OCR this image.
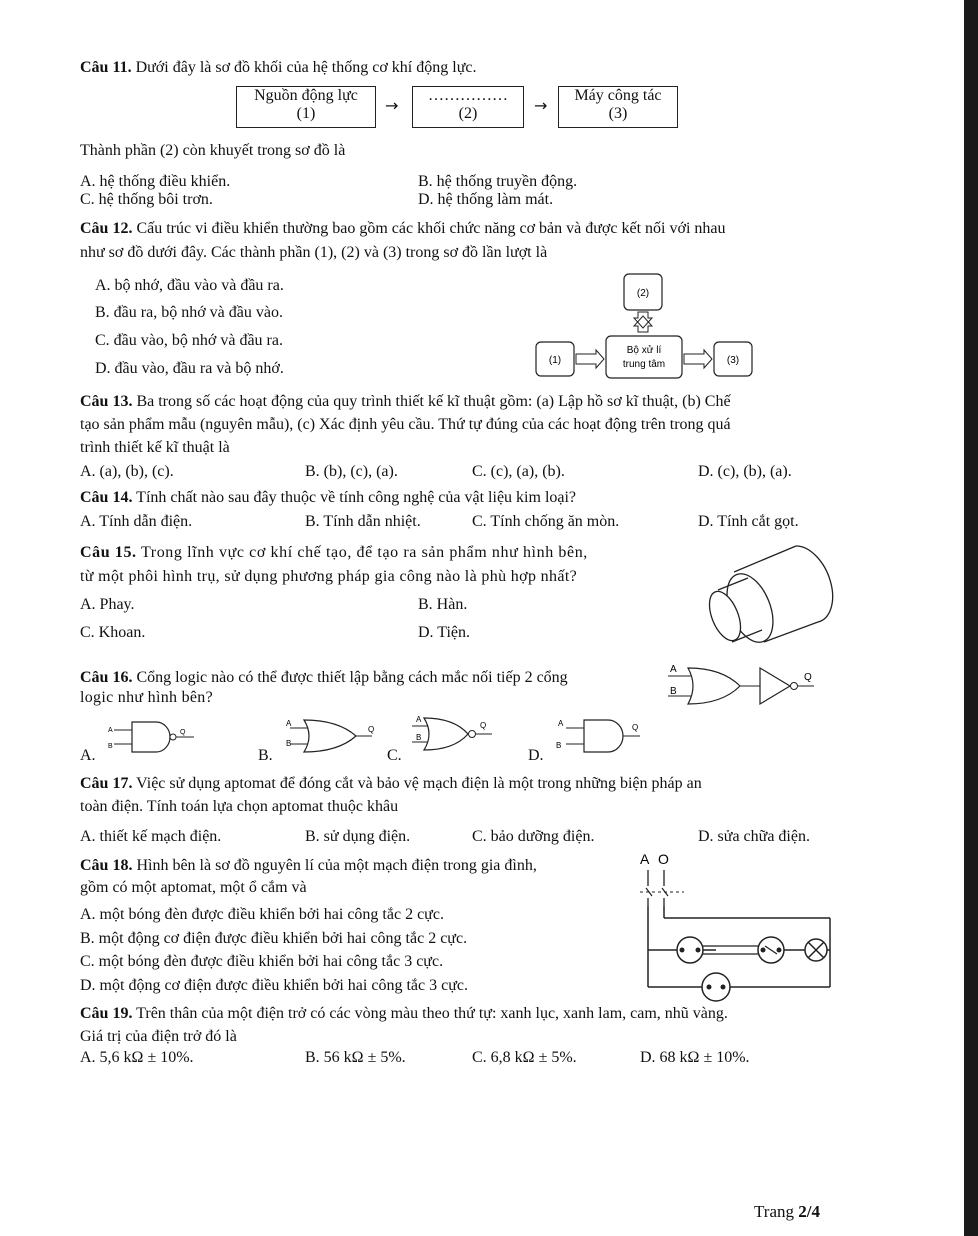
Câu 11. Dưới đây là sơ đồ khối của hệ thống cơ khí động lực.
Nguồn động lực
(1)	→
……………
(2)	→
Máy công tác
(3)
Thành phần (2) còn khuyết trong sơ đồ là
A. hệ thống điều khiển.	B. hệ thống truyền động.
C. hệ thống bôi trơn.	D. hệ thống làm mát.
Câu 12. Cấu trúc vi điều khiển thường bao gồm các khối chức năng cơ bản và được kết nối với nhau
như sơ đồ dưới đây. Các thành phần (1), (2) và (3) trong sơ đồ lần lượt là
A. bộ nhớ, đầu vào và đầu ra.
B. đầu ra, bộ nhớ và đầu vào.
C. đầu vào, bộ nhớ và đầu ra.
D. đầu vào, đầu ra và bộ nhớ.
(2)
(1)
Bộ xử lí
trung tâm	(3)
Câu 13. Ba trong số các hoạt động của quy trình thiết kế kĩ thuật gồm: (a) Lập hồ sơ kĩ thuật, (b) Chế
tạo sản phẩm mẫu (nguyên mẫu), (c) Xác định yêu cầu. Thứ tự đúng của các hoạt động trên trong quá
trình thiết kế kĩ thuật là
A. (a), (b), (c).	B. (b), (c), (a).	C. (c), (a), (b).	D. (c), (b), (a).
Câu 14. Tính chất nào sau đây thuộc về tính công nghệ của vật liệu kim loại?
A. Tính dẫn điện.	B. Tính dẫn nhiệt.	C. Tính chống ăn mòn.	D. Tính cắt gọt.
Câu 15. Trong lĩnh vực cơ khí chế tạo, để tạo ra sản phẩm như hình bên,
từ một phôi hình trụ, sử dụng phương pháp gia công nào là phù hợp nhất?
A. Phay.	B. Hàn.
C. Khoan.	D. Tiện.
Câu 16. Cổng logic nào có thể được thiết lập bằng cách mắc nối tiếp 2 cổng
logic như hình bên?
A
B
Q
A.
A
B
Q
B.
A
B
Q
C.
A
B
Q
D.
A
B
Q
Câu 17. Việc sử dụng aptomat để đóng cắt và bảo vệ mạch điện là một trong những biện pháp an
toàn điện. Tính toán lựa chọn aptomat thuộc khâu
A. thiết kế mạch điện.	B. sử dụng điện.	C. bảo dưỡng điện.	D. sửa chữa điện.
Câu 18. Hình bên là sơ đồ nguyên lí của một mạch điện trong gia đình,
gồm có một aptomat, một ổ cắm và
A. một bóng đèn được điều khiển bởi hai công tắc 2 cực.
B. một động cơ điện được điều khiển bởi hai công tắc 2 cực.
C. một bóng đèn được điều khiển bởi hai công tắc 3 cực.
D. một động cơ điện được điều khiển bởi hai công tắc 3 cực.
A O
Câu 19. Trên thân của một điện trở có các vòng màu theo thứ tự: xanh lục, xanh lam, cam, nhũ vàng.
Giá trị của điện trở đó là
A. 5,6 kΩ ± 10%.	B. 56 kΩ ± 5%.	C. 6,8 kΩ ± 5%.	D. 68 kΩ ± 10%.
Trang 2/4
